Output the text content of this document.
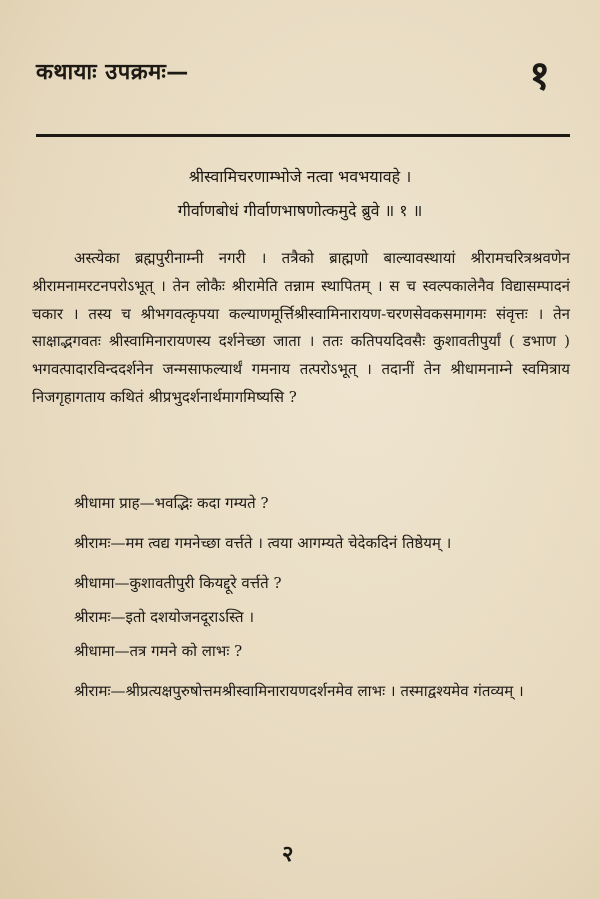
कथायाः उपक्रमः—	१
श्रीस्वामिचरणाम्भोजे नत्वा भवभयावहे ।
गीर्वाणबोधं गीर्वाणभाषणोत्कमुदे ब्रुवे ॥ १ ॥

अस्त्येका ब्रह्मपुरीनाम्नी नगरी । तत्रैको ब्राह्मणो बाल्यावस्थायां श्रीरामचरित्रश्रवणेन श्रीरामनामरटनपरोऽभूत् । तेन लोकैः श्रीरामेति तन्नाम स्थापितम् । स च स्वल्पकालेनैव विद्यासम्पादनं चकार । तस्य च श्रीभगवत्कृपया कल्याणमूर्त्तिश्रीस्वामिनारायण-चरणसेवकसमागमः संवृत्तः । तेन साक्षाद्भगवतः श्रीस्वामिनारायणस्य दर्शनेच्छा जाता । ततः कतिपयदिवसैः कुशावतीपुर्यां ( डभाण ) भगवत्पादारविन्ददर्शनेन जन्मसाफल्यार्थं गमनाय तत्परोऽभूत् । तदानीं तेन श्रीधामनाम्ने स्वमित्राय निजगृहागताय कथितं श्रीप्रभुदर्शनार्थमागमिष्यसि ?

श्रीधामा प्राह—भवद्भिः कदा गम्यते ?

श्रीरामः—मम त्वद्य गमनेच्छा वर्त्तते । त्वया आगम्यते चेदेकदिनं तिष्ठेयम् ।

श्रीधामा—कुशावतीपुरी कियद्दूरे वर्त्तते ?

श्रीरामः—इतो दशयोजनदूराऽस्ति ।

श्रीधामा—तत्र गमने को लाभः ?

श्रीरामः—श्रीप्रत्यक्षपुरुषोत्तमश्रीस्वामिनारायणदर्शनमेव लाभः । तस्माद्वश्यमेव गंतव्यम् ।

२
